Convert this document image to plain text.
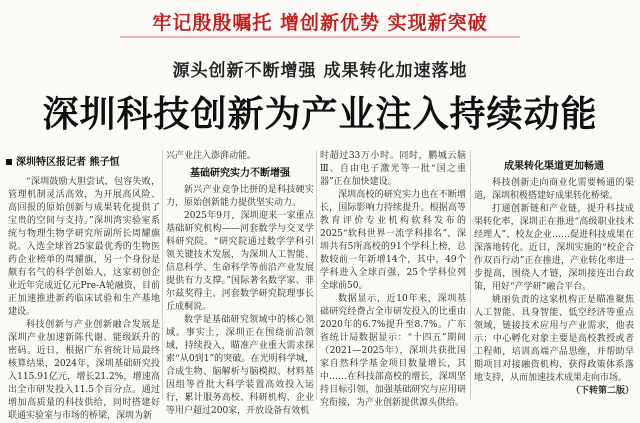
牢记殷殷嘱托 增创新优势 实现新突破
源头创新不断增强 成果转化加速落地
深圳科技创新为产业注入持续动能
深圳特区报记者 熊子恒

“深圳鼓励大胆尝试，包容失败，管理机制灵活高效，为开展高风险、高回报的原始创新与成果转化提供了宝贵的空间与支持。”深圳湾实验室系统与物理生物学研究所副所长周耀旗说。入选全球首25家最优秀的生物医药企业榜单的周耀旗，另一个身份是颇有名气的科学创始人，这家初创企业近年完成近亿元Pre-A轮融资，目前正加速推进新药临床试验和生产基地建设。

科技创新与产业创新融合发展是深圳产业加速新陈代谢、能级跃升的密码。近日，根据广东省统计局最终核算结果，2024年，深圳基础研究投入115.91亿元，增长21.2%，增速高出全市研发投入11.5个百分点。通过增加高质量的科技供给，同时搭建好联通实验室与市场的桥梁，深圳为新

兴产业注入澎湃动能。

基础研究实力不断增强

新兴产业竞争比拼的是科技硬实力，原始创新能力提供坚实动力。

2025年9月，深圳迎来一家重点基础研究机构——河套数学与交叉学科研究院。“研究院通过数学学科引领关键技术发展，为深圳人工智能、信息科学、生命科学等前沿产业发展提供有力支撑。”国际著名数学家、菲尔兹奖得主、河套数学研究院理事长丘成桐说。

数学是基础研究领域中的核心领域。事实上，深圳正在围绕前沿领域，持续投入，瞄准产业重大需求探索“从0到1”的突破。在光明科学城，合成生物、脑解析与脑模拟、材料基因组等首批大科学装置高效投入运行，累计服务高校、科研机构、企业等用户超过200家，开放设备有效机

时超过33万小时。同时，鹏城云脑Ⅲ、自由电子激光等一批“国之重器”正在加快建设。

深圳高校的研究实力也在不断增长，国际影响力持续提升。根据高等教育评价专业机构软科发布的2025“软科世界一流学科排名”，深圳共有5所高校的91个学科上榜，总数较前一年新增14个，其中，49个学科进入全球百强，25个学科位列全球前50。

数据显示，近10年来，深圳基础研究经费占全市研发投入的比重由2020年的6.7%提升至8.7%。广东省统计局数据显示：“十四五”期间（2021—2025年），深圳共获批国家自然科学基金项目数量增长，其中……在科技部高校的增长，深圳坚持目标引领，加强基础研究与应用研究衔接，为产业创新提供源头供给。

成果转化渠道更加畅通

科技创新走向商业化需要畅通的渠道，深圳积极搭建好成果转化桥梁。

打通创新链和产业链，提升科技成果转化率，深圳正在推进“高级职业技术经理人”、校友企业……促进科技成果在深落地转化。近日，深圳实施的“校企合作双百行动”正在推进，产业转化率进一步提高，围绕人才链，深圳接连出台政策，用好“产学研”融合平台。

姚丽负责的这家机构正是瞄准聚焦人工智能、具身智能、低空经济等重点领域，链接技术应用与产业需求，他表示：中心孵化对象主要是高校教授或者工程师，培训高端产品思维，并帮助早期项目对接融资机构、获得政策体系落地支持，从而加速技术成果走向市场。

（下转第二版）
